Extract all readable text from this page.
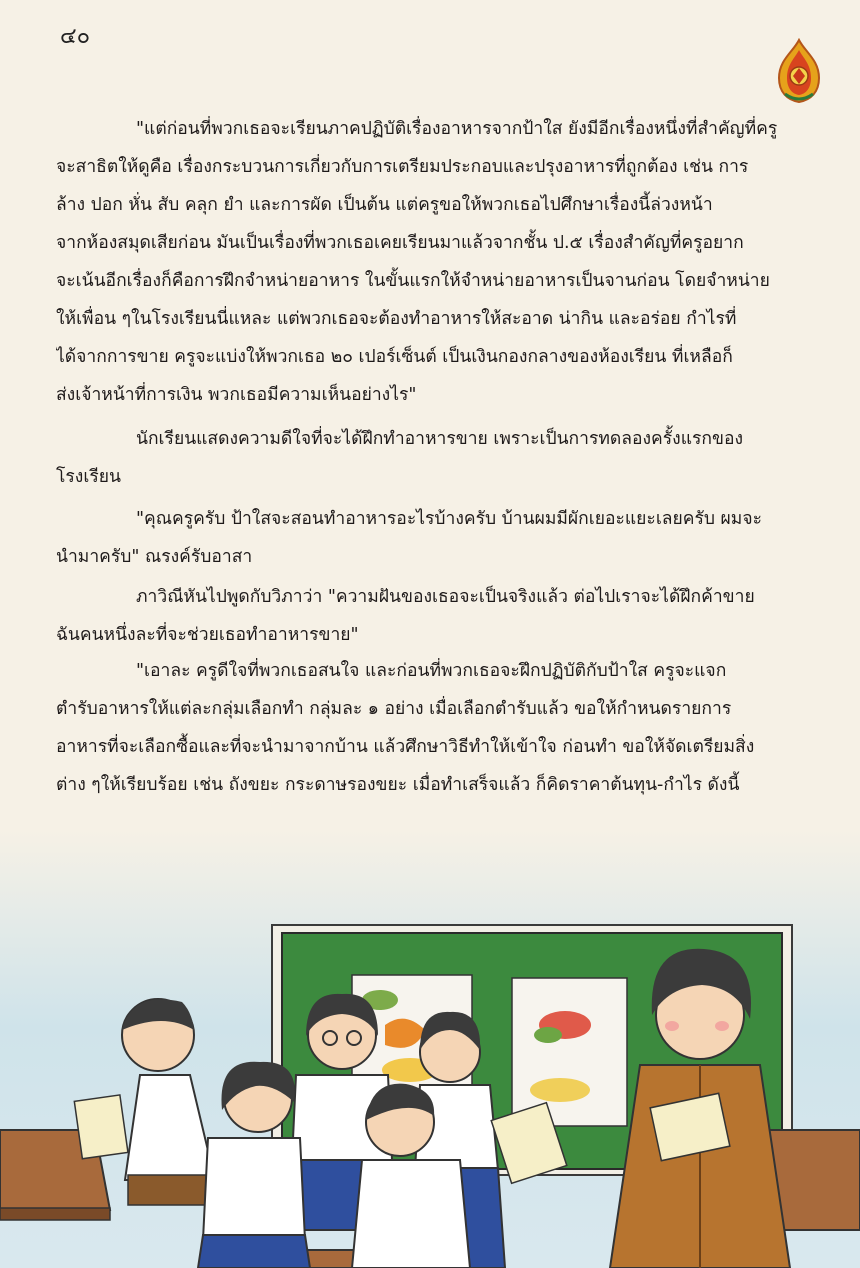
๔๐
"แต่ก่อนที่พวกเธอจะเรียนภาคปฏิบัติเรื่องอาหารจากป้าใส ยังมีอีกเรื่องหนึ่งที่สำคัญที่ครู
จะสาธิตให้ดูคือ เรื่องกระบวนการเกี่ยวกับการเตรียมประกอบและปรุงอาหารที่ถูกต้อง เช่น การ
ล้าง ปอก หั่น สับ คลุก ยำ และการผัด เป็นต้น แต่ครูขอให้พวกเธอไปศึกษาเรื่องนี้ล่วงหน้า
จากห้องสมุดเสียก่อน มันเป็นเรื่องที่พวกเธอเคยเรียนมาแล้วจากชั้น ป.๕ เรื่องสำคัญที่ครูอยาก
จะเน้นอีกเรื่องก็คือการฝึกจำหน่ายอาหาร ในขั้นแรกให้จำหน่ายอาหารเป็นจานก่อน โดยจำหน่าย
ให้เพื่อน ๆในโรงเรียนนี่แหละ แต่พวกเธอจะต้องทำอาหารให้สะอาด น่ากิน และอร่อย กำไรที่
ได้จากการขาย ครูจะแบ่งให้พวกเธอ ๒๐ เปอร์เซ็นต์ เป็นเงินกองกลางของห้องเรียน ที่เหลือก็
ส่งเจ้าหน้าที่การเงิน พวกเธอมีความเห็นอย่างไร"
นักเรียนแสดงความดีใจที่จะได้ฝึกทำอาหารขาย เพราะเป็นการทดลองครั้งแรกของ
โรงเรียน
"คุณครูครับ ป้าใสจะสอนทำอาหารอะไรบ้างครับ บ้านผมมีผักเยอะแยะเลยครับ ผมจะ
นำมาครับ" ณรงค์รับอาสา
ภาวิณีหันไปพูดกับวิภาว่า "ความฝันของเธอจะเป็นจริงแล้ว ต่อไปเราจะได้ฝึกค้าขาย
ฉันคนหนึ่งละที่จะช่วยเธอทำอาหารขาย"
"เอาละ ครูดีใจที่พวกเธอสนใจ และก่อนที่พวกเธอจะฝึกปฏิบัติกับป้าใส ครูจะแจก
ตำรับอาหารให้แต่ละกลุ่มเลือกทำ กลุ่มละ ๑ อย่าง เมื่อเลือกตำรับแล้ว ขอให้กำหนดรายการ
อาหารที่จะเลือกซื้อและที่จะนำมาจากบ้าน แล้วศึกษาวิธีทำให้เข้าใจ ก่อนทำ ขอให้จัดเตรียมสิ่ง
ต่าง ๆให้เรียบร้อย เช่น ถังขยะ กระดาษรองขยะ เมื่อทำเสร็จแล้ว ก็คิดราคาต้นทุน-กำไร ดังนี้
